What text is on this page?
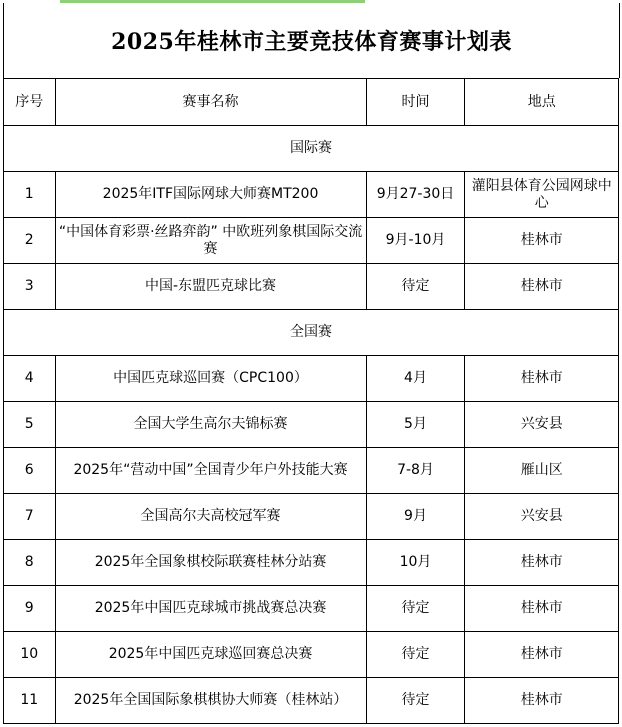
2025年桂林市主要竞技体育赛事计划表
序号	赛事名称	时间	地点
国际赛			
1	2025年ITF国际网球大师赛MT200	9月27-30日	灌阳县体育公园网球中心
2	“中国体育彩票·丝路弈韵” 中欧班列象棋国际交流赛	9月-10月	桂林市
3	中国-东盟匹克球比赛	待定	桂林市
全国赛			
4	中国匹克球巡回赛（CPC100）	4月	桂林市
5	全国大学生高尔夫锦标赛	5月	兴安县
6	2025年“营动中国”全国青少年户外技能大赛	7-8月	雁山区
7	全国高尔夫高校冠军赛	9月	兴安县
8	2025年全国象棋校际联赛桂林分站赛	10月	桂林市
9	2025年中国匹克球城市挑战赛总决赛	待定	桂林市
10	2025年中国匹克球巡回赛总决赛	待定	桂林市
11	2025年全国国际象棋棋协大师赛（桂林站）	待定	桂林市
